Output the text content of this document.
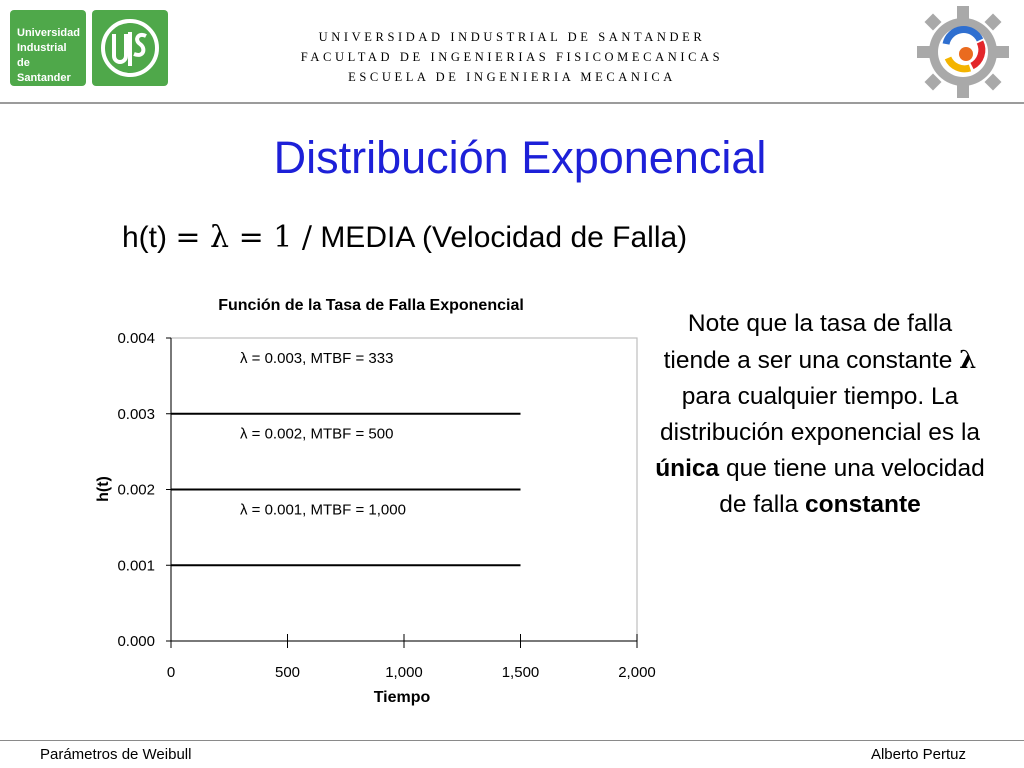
Universidad
Industrial de
Santander
UNIVERSIDAD INDUSTRIAL DE SANTANDER
FACULTAD DE INGENIERIAS FISICOMECANICAS
ESCUELA DE INGENIERIA MECANICA
Distribución Exponencial
h(t) = λ = 1 / MEDIA (Velocidad de Falla)
Función de la Tasa de Falla Exponencial
Tiempo
h(t)
0.000
0.001
0.002
0.003
0.004
0	500	1,000	1,500	2,000
λ = 0.003, MTBF = 333
λ = 0.002, MTBF = 500
λ = 0.001, MTBF = 1,000
Note que la tasa de falla tiende a ser una constante λ para cualquier tiempo. La distribución exponencial es la única que tiene una velocidad de falla constante
Parámetros de Weibull	Alberto Pertuz
